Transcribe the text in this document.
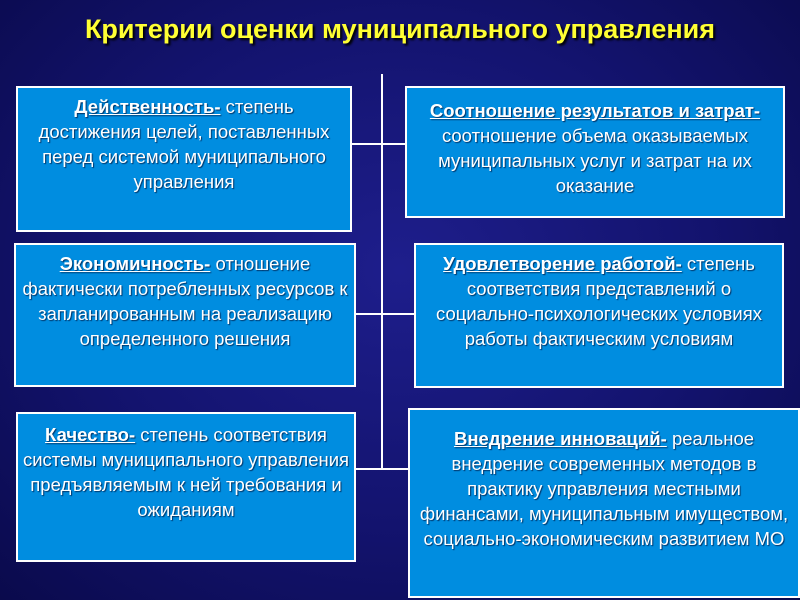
Критерии оценки муниципального управления
Действенность- степень достижения целей, поставленных перед системой муниципального управления
Соотношение результатов и затрат- соотношение объема оказываемых муниципальных услуг и затрат на их оказание
Экономичность- отношение фактически потребленных ресурсов к запланированным на реализацию определенного решения
Удовлетворение работой- степень соответствия представлений о социально-психологических условиях работы фактическим условиям
Качество- степень соответствия системы муниципального управления предъявляемым к ней требования и ожиданиям
Внедрение инноваций- реальное внедрение современных методов в практику управления местными финансами, муниципальным имуществом, социально-экономическим развитием МО
